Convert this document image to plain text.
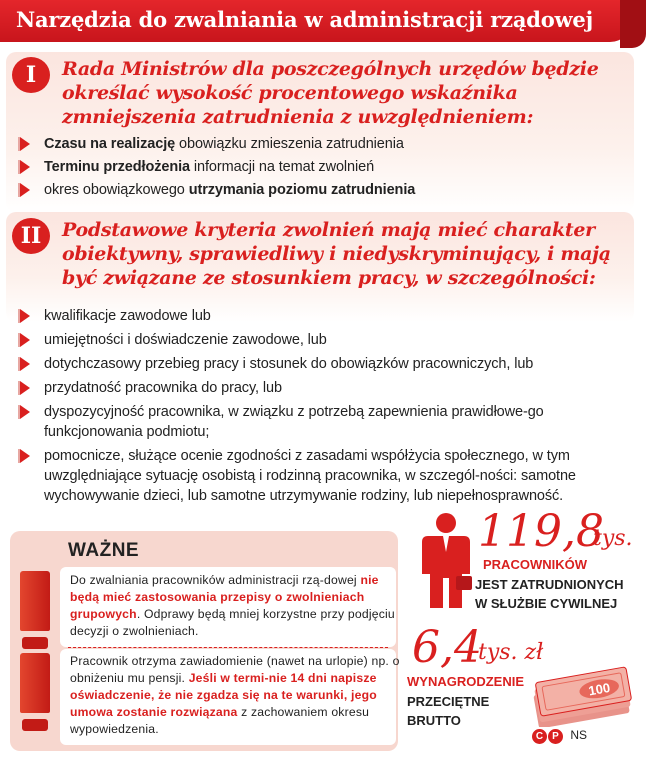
Narzędzia do zwalniania w administracji rządowej
I	Rada Ministrów dla poszczególnych urzędów będzie określać wysokość procentowego wskaźnika zmniejszenia zatrudnienia z uwzględnieniem:
Czasu na realizację obowiązku zmieszenia zatrudnienia
Terminu przedłożenia informacji na temat zwolnień
okres obowiązkowego utrzymania poziomu zatrudnienia
II	Podstawowe kryteria zwolnień mają mieć charakter obiektywny, sprawiedliwy i niedyskryminujący, i mają być związane ze stosunkiem pracy, w szczególności:
kwalifikacje zawodowe lub
umiejętności i doświadczenie zawodowe, lub
dotychczasowy przebieg pracy i stosunek do obowiązków pracowniczych, lub
przydatność pracownika do pracy, lub
dyspozycyjność pracownika, w związku z potrzebą zapewnienia prawidłowe-go funkcjonowania podmiotu;
pomocnicze, służące ocenie zgodności z zasadami współżycia społecznego, w tym uwzględniające sytuację osobistą i rodzinną pracownika, w szczegól-ności: samotne wychowywanie dzieci, lub samotne utrzymywanie rodziny, lub niepełnosprawność.
WAŻNE
Do zwalniania pracowników administracji rzą-dowej nie będą mieć zastosowania przepisy o zwolnieniach grupowych. Odprawy będą mniej korzystne przy podjęciu decyzji o zwolnieniach.
Pracownik otrzyma zawiadomienie (nawet na urlopie) np. o obniżeniu mu pensji. Jeśli w termi-nie 14 dni napisze oświadczenie, że nie zgadza się na te warunki, jego umowa zostanie rozwiązana z zachowaniem okresu wypowiedzenia.
119,8
tys.
PRACOWNIKÓW
JEST ZATRUDNIONYCH
W SŁUŻBIE CYWILNEJ
6,4
tys. zł
WYNAGRODZENIE
PRZECIĘTNE
BRUTTO
100
C P NS
